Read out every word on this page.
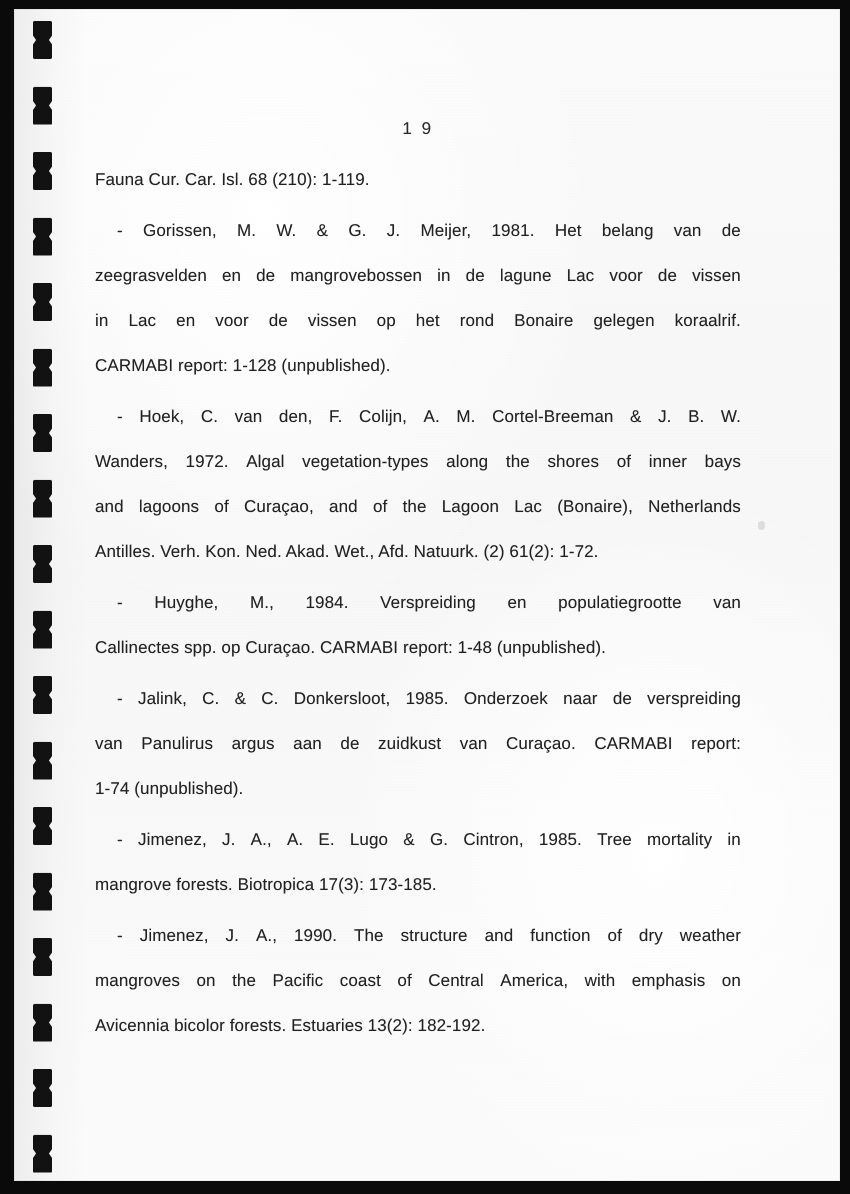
1 9
Fauna Cur. Car. Isl. 68 (210): 1-119.
- Gorissen, M. W. & G. J. Meijer, 1981. Het belang van de
zeegrasvelden en de mangrovebossen in de lagune Lac voor de vissen
in Lac en voor de vissen op het rond Bonaire gelegen koraalrif.
CARMABI report: 1-128 (unpublished).
- Hoek, C. van den, F. Colijn, A. M. Cortel-Breeman & J. B. W.
Wanders, 1972. Algal vegetation-types along the shores of inner bays
and lagoons of Curaçao, and of the Lagoon Lac (Bonaire), Netherlands
Antilles. Verh. Kon. Ned. Akad. Wet., Afd. Natuurk. (2) 61(2): 1-72.
- Huyghe, M., 1984. Verspreiding en populatiegrootte van
Callinectes spp. op Curaçao. CARMABI report: 1-48 (unpublished).
- Jalink, C. & C. Donkersloot, 1985. Onderzoek naar de verspreiding
van Panulirus argus aan de zuidkust van Curaçao. CARMABI report:
1-74 (unpublished).
- Jimenez, J. A., A. E. Lugo & G. Cintron, 1985. Tree mortality in
mangrove forests. Biotropica 17(3): 173-185.
- Jimenez, J. A., 1990. The structure and function of dry weather
mangroves on the Pacific coast of Central America, with emphasis on
Avicennia bicolor forests. Estuaries 13(2): 182-192.
